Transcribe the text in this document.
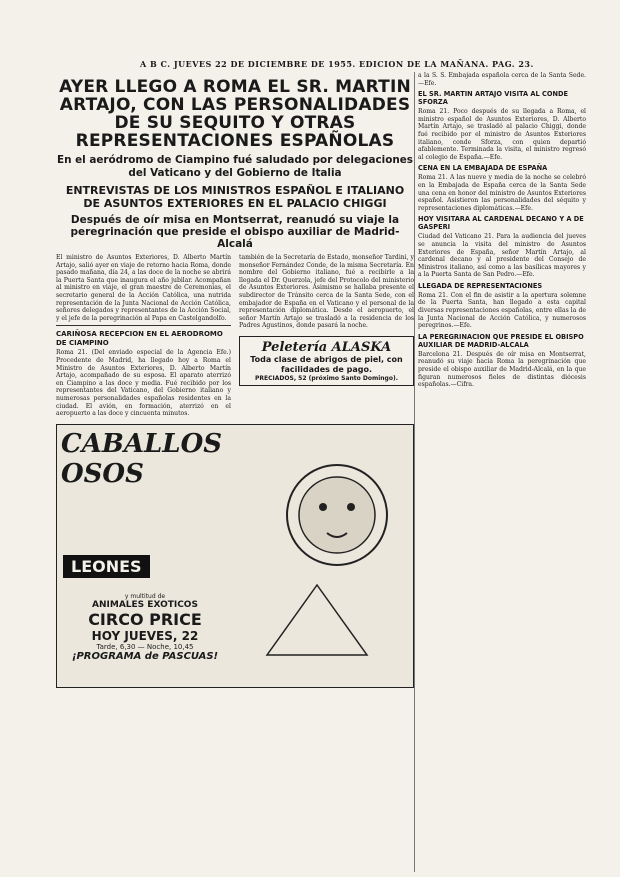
A B C. JUEVES 22 DE DICIEMBRE DE 1955. EDICION DE LA MAÑANA. PAG. 23.
AYER LLEGO A ROMA EL SR. MARTIN ARTAJO, CON LAS PERSONALIDADES DE SU SEQUITO Y OTRAS REPRESENTACIONES ESPAÑOLAS
En el aeródromo de Ciampino fué saludado por delegaciones del Vaticano y del Gobierno de Italia
ENTREVISTAS DE LOS MINISTROS ESPAÑOL E ITALIANO DE ASUNTOS EXTERIORES EN EL PALACIO CHIGGI
Después de oír misa en Montserrat, reanudó su viaje la peregrinación que preside el obispo auxiliar de Madrid-Alcalá

El ministro de Asuntos Exteriores, D. Alberto Martín Artajo, salió ayer en viaje de retorno hacia Roma, donde pasado mañana, día 24, a las doce de la noche se abrirá la Puerta Santa que inaugura el año jubilar. Acompañan al ministro en viaje, el gran maestre de Ceremonias, el secretario general de la Acción Católica, una nutrida representación de la Junta Nacional de Acción Católica, señores delegados y representantes de la Acción Social, y el jefe de la peregrinación al Papa en Castelgandolfo.

CARIÑOSA RECEPCION EN EL AERODROMO DE CIAMPINO

Roma 21. (Del enviado especial de la Agencia Efe.) Procedente de Madrid, ha llegado hoy a Roma el Ministro de Asuntos Exteriores, D. Alberto Martín Artajo, acompañado de su esposa. El aparato aterrizó en Ciampino a las doce y media. Fué recibido por los representantes del Vaticano, del Gobierno italiano y numerosas personalidades españolas residentes en la ciudad. El avión, en formación, aterrizó en el aeropuerto a las doce y cincuenta minutos.

también de la Secretaría de Estado, monseñor Tardini, y monseñor Fernández Conde, de la misma Secretaría. En nombre del Gobierno italiano, fué a recibirle a la llegada el Dr. Querzola, jefe del Protocolo del ministerio de Asuntos Exteriores. Asimismo se hallaba presente el subdirector de Tránsito cerca de la Santa Sede, con el embajador de España en el Vaticano y el personal de la representación diplomática. Desde el aeropuerto, el señor Martín Artajo se trasladó a la residencia de los Padres Agustinos, donde pasará la noche.

Peletería ALASKA
Toda clase de abrigos de piel, con facilidades de pago.
PRECIADOS, 52 (próximo Santo Domingo).
CABALLOS OSOS
LEONES
y multitud de
ANIMALES EXOTICOS
CIRCO PRICE
HOY JUEVES, 22
Tarde, 6,30 — Noche, 10,45
¡PROGRAMA de PASCUAS!

a la S. S. Embajada española cerca de la Santa Sede.—Efe.

EL SR. MARTIN ARTAJO VISITA AL CONDE SFORZA

Roma 21. Poco después de su llegada a Roma, el ministro español de Asuntos Exteriores, D. Alberto Martín Artajo, se trasladó al palacio Chiggi, donde fué recibido por el ministro de Asuntos Exteriores italiano, conde Sforza, con quien departió afablemente. Terminada la visita, el ministro regresó al colegio de España.—Efe.

CENA EN LA EMBAJADA DE ESPAÑA

Roma 21. A las nueve y media de la noche se celebró en la Embajada de España cerca de la Santa Sede una cena en honor del ministro de Asuntos Exteriores español. Asistieron las personalidades del séquito y representaciones diplomáticas.—Efe.

HOY VISITARA AL CARDENAL DECANO Y A DE GASPERI

Ciudad del Vaticano 21. Para la audiencia del jueves se anuncia la visita del ministro de Asuntos Exteriores de España, señor Martín Artajo, al cardenal decano y al presidente del Consejo de Ministros italiano, así como a las basílicas mayores y a la Puerta Santa de San Pedro.—Efe.

LLEGADA DE REPRESENTACIONES

Roma 21. Con el fin de asistir a la apertura solemne de la Puerta Santa, han llegado a esta capital diversas representaciones españolas, entre ellas la de la Junta Nacional de Acción Católica, y numerosos peregrinos.—Efe.

LA PEREGRINACION QUE PRESIDE EL OBISPO AUXILIAR DE MADRID-ALCALA

Barcelona 21. Después de oír misa en Montserrat, reanudó su viaje hacia Roma la peregrinación que preside el obispo auxiliar de Madrid-Alcalá, en la que figuran numerosos fieles de distintas diócesis españolas.—Cifra.
